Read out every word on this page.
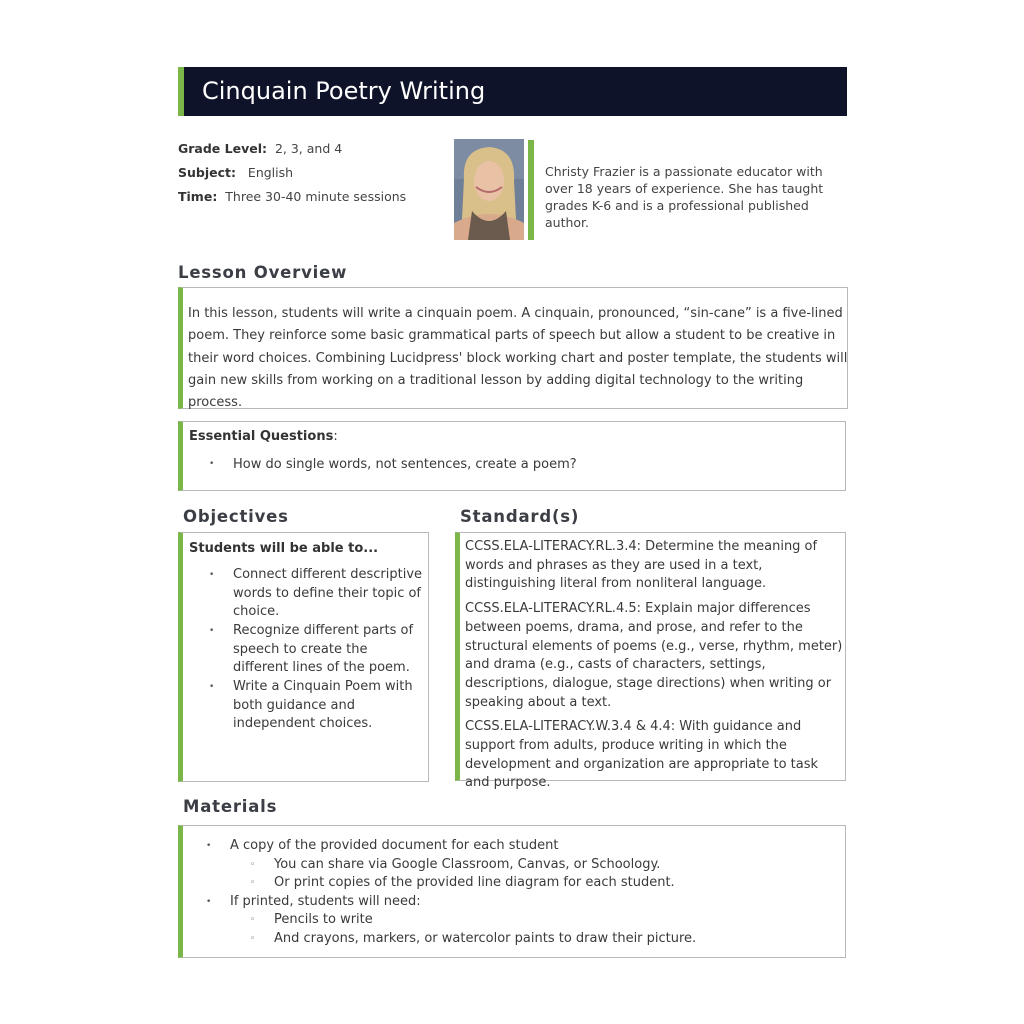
Cinquain Poetry Writing
Grade Level: 2, 3, and 4
Subject: English
Time: Three 30-40 minute sessions
Christy Frazier is a passionate educator with over 18 years of experience. She has taught grades K-6 and is a professional published author.
Lesson Overview
In this lesson, students will write a cinquain poem. A cinquain, pronounced, “sin-cane” is a five-lined poem. They reinforce some basic grammatical parts of speech but allow a student to be creative in their word choices. Combining Lucidpress' block working chart and poster template, the students will gain new skills from working on a traditional lesson by adding digital technology to the writing process.
Essential Questions:
• How do single words, not sentences, create a poem?
Objectives
Students will be able to...
• Connect different descriptive words to define their topic of choice.
• Recognize different parts of speech to create the different lines of the poem.
• Write a Cinquain Poem with both guidance and independent choices.
Standard(s)

CCSS.ELA-LITERACY.RL.3.4: Determine the meaning of words and phrases as they are used in a text, distinguishing literal from nonliteral language.

CCSS.ELA-LITERACY.RL.4.5: Explain major differences between poems, drama, and prose, and refer to the structural elements of poems (e.g., verse, rhythm, meter) and drama (e.g., casts of characters, settings, descriptions, dialogue, stage directions) when writing or speaking about a text.

CCSS.ELA-LITERACY.W.3.4 & 4.4: With guidance and support from adults, produce writing in which the development and organization are appropriate to task and purpose.

Materials
• A copy of the provided document for each student
◦ You can share via Google Classroom, Canvas, or Schoology.
◦ Or print copies of the provided line diagram for each student.
• If printed, students will need:
◦ Pencils to write
◦ And crayons, markers, or watercolor paints to draw their picture.
